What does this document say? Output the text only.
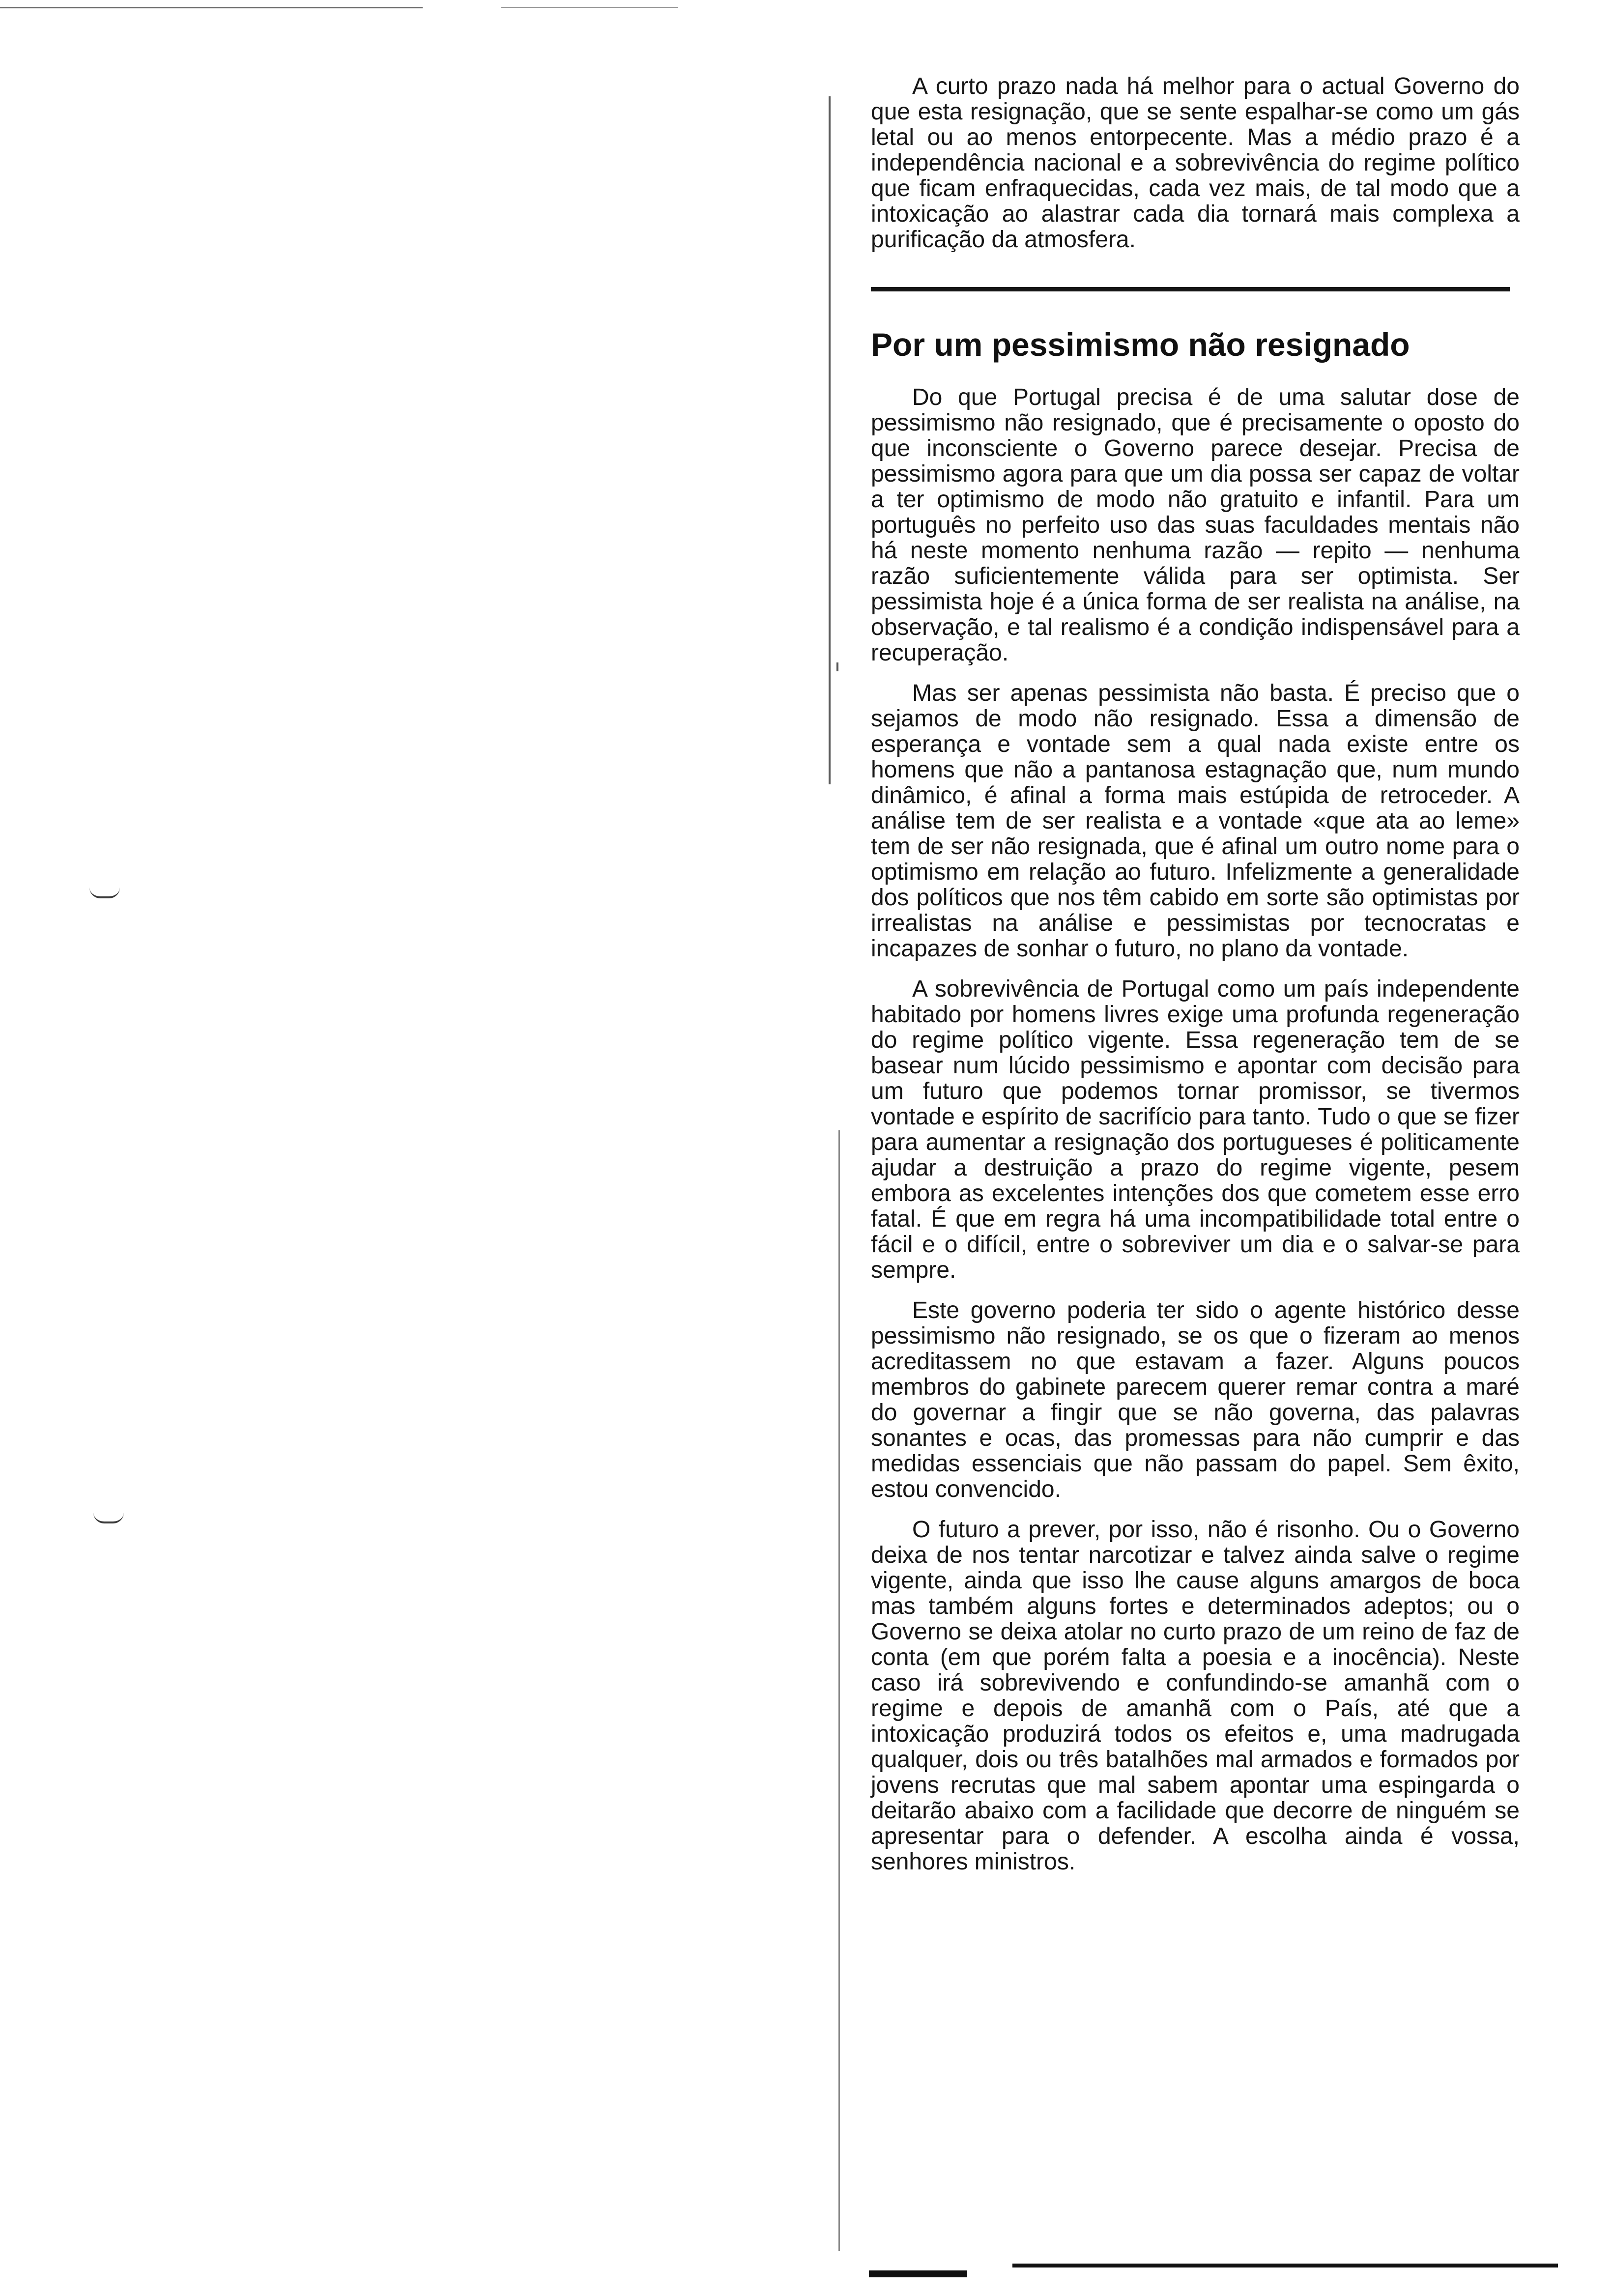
A curto prazo nada há melhor para o actual Governo do que esta resignação, que se sente espalhar-se como um gás letal ou ao menos entorpecente. Mas a médio prazo é a independência nacional e a sobrevivência do regime político que ficam enfraquecidas, cada vez mais, de tal modo que a intoxicação ao alastrar cada dia tornará mais complexa a purificação da atmosfera.

Por um pessimismo não resignado

Do que Portugal precisa é de uma salutar dose de pessimismo não resignado, que é precisamente o oposto do que inconsciente o Governo parece desejar. Precisa de pessimismo agora para que um dia possa ser capaz de voltar a ter optimismo de modo não gratuito e infantil. Para um português no perfeito uso das suas faculdades mentais não há neste momento nenhuma razão — repito — nenhuma razão suficientemente válida para ser optimista. Ser pessimista hoje é a única forma de ser realista na análise, na observação, e tal realismo é a condição indispensável para a recuperação.

Mas ser apenas pessimista não basta. É preciso que o sejamos de modo não resignado. Essa a dimensão de esperança e vontade sem a qual nada existe entre os homens que não a pantanosa estagnação que, num mundo dinâmico, é afinal a forma mais estúpida de retroceder. A análise tem de ser realista e a vontade «que ata ao leme» tem de ser não resignada, que é afinal um outro nome para o optimismo em relação ao futuro. Infelizmente a generalidade dos políticos que nos têm cabido em sorte são optimistas por irrealistas na análise e pessimistas por tecnocratas e incapazes de sonhar o futuro, no plano da vontade.

A sobrevivência de Portugal como um país independente habitado por homens livres exige uma profunda regeneração do regime político vigente. Essa regeneração tem de se basear num lúcido pessimismo e apontar com decisão para um futuro que podemos tornar promissor, se tivermos vontade e espírito de sacrifício para tanto. Tudo o que se fizer para aumentar a resignação dos portugueses é politicamente ajudar a destruição a prazo do regime vigente, pesem embora as excelentes intenções dos que cometem esse erro fatal. É que em regra há uma incompatibilidade total entre o fácil e o difícil, entre o sobreviver um dia e o salvar-se para sempre.

Este governo poderia ter sido o agente histórico desse pessimismo não resignado, se os que o fizeram ao menos acreditassem no que estavam a fazer. Alguns poucos membros do gabinete parecem querer remar contra a maré do governar a fingir que se não governa, das palavras sonantes e ocas, das promessas para não cumprir e das medidas essenciais que não passam do papel. Sem êxito, estou convencido.

O futuro a prever, por isso, não é risonho. Ou o Governo deixa de nos tentar narcotizar e talvez ainda salve o regime vigente, ainda que isso lhe cause alguns amargos de boca mas também alguns fortes e determinados adeptos; ou o Governo se deixa atolar no curto prazo de um reino de faz de conta (em que porém falta a poesia e a inocência). Neste caso irá sobrevivendo e confundindo-se amanhã com o regime e depois de amanhã com o País, até que a intoxicação produzirá todos os efeitos e, uma madrugada qualquer, dois ou três batalhões mal armados e formados por jovens recrutas que mal sabem apontar uma espingarda o deitarão abaixo com a facilidade que decorre de ninguém se apresentar para o defender. A escolha ainda é vossa, senhores ministros.
